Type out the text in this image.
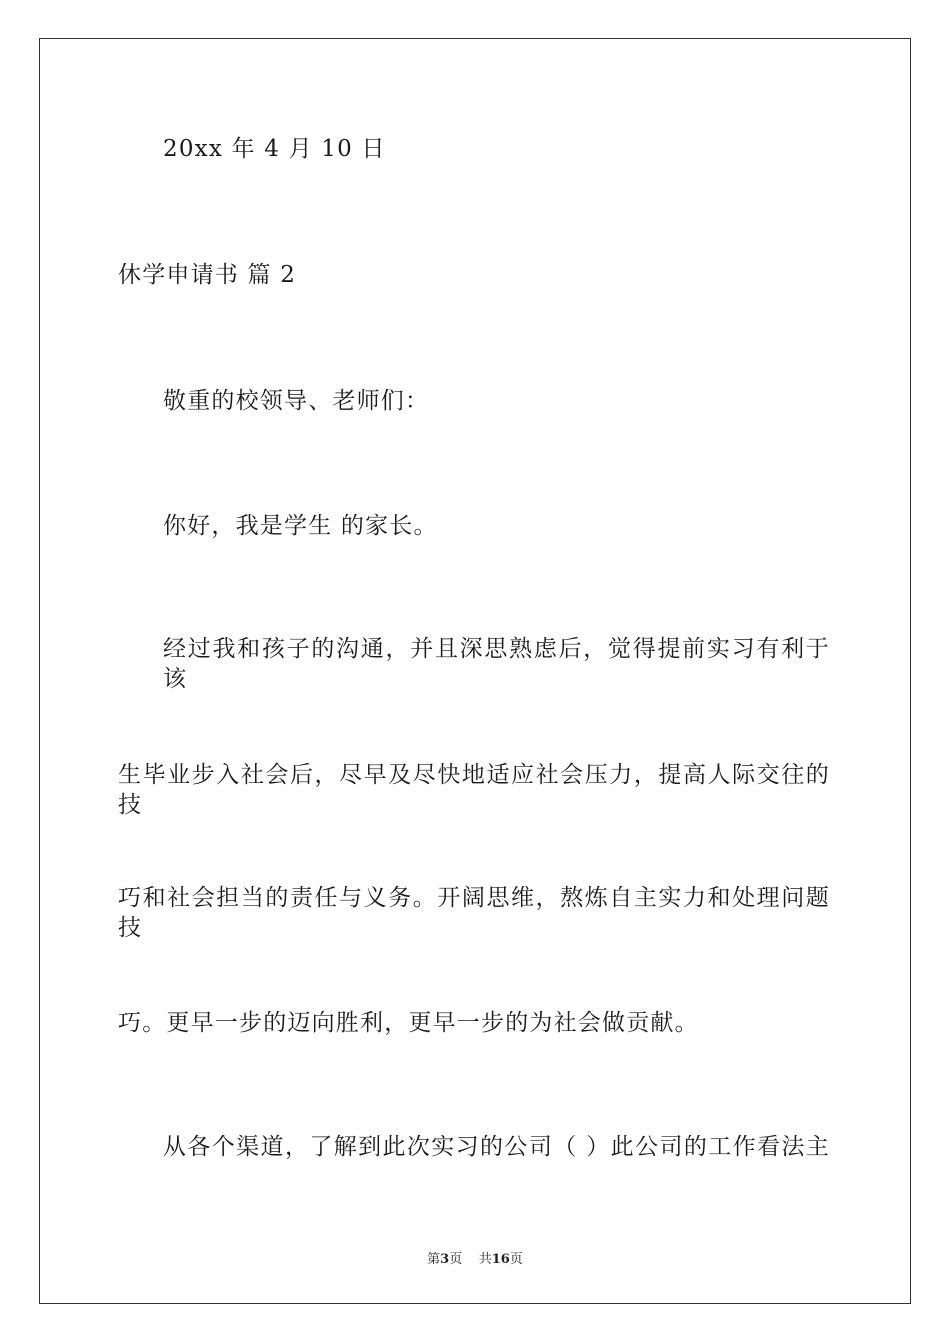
20xx 年 4 月 10 日
休学申请书 篇 2
敬重的校领导、老师们：
你好，我是学生 的家长。
经过我和孩子的沟通，并且深思熟虑后，觉得提前实习有利于该
生毕业步入社会后，尽早及尽快地适应社会压力，提高人际交往的技
巧和社会担当的责任与义务。开阔思维，熬炼自主实力和处理问题技
巧。更早一步的迈向胜利，更早一步的为社会做贡献。
从各个渠道，了解到此次实习的公司（ ）此公司的工作看法主
第3页 共16页
